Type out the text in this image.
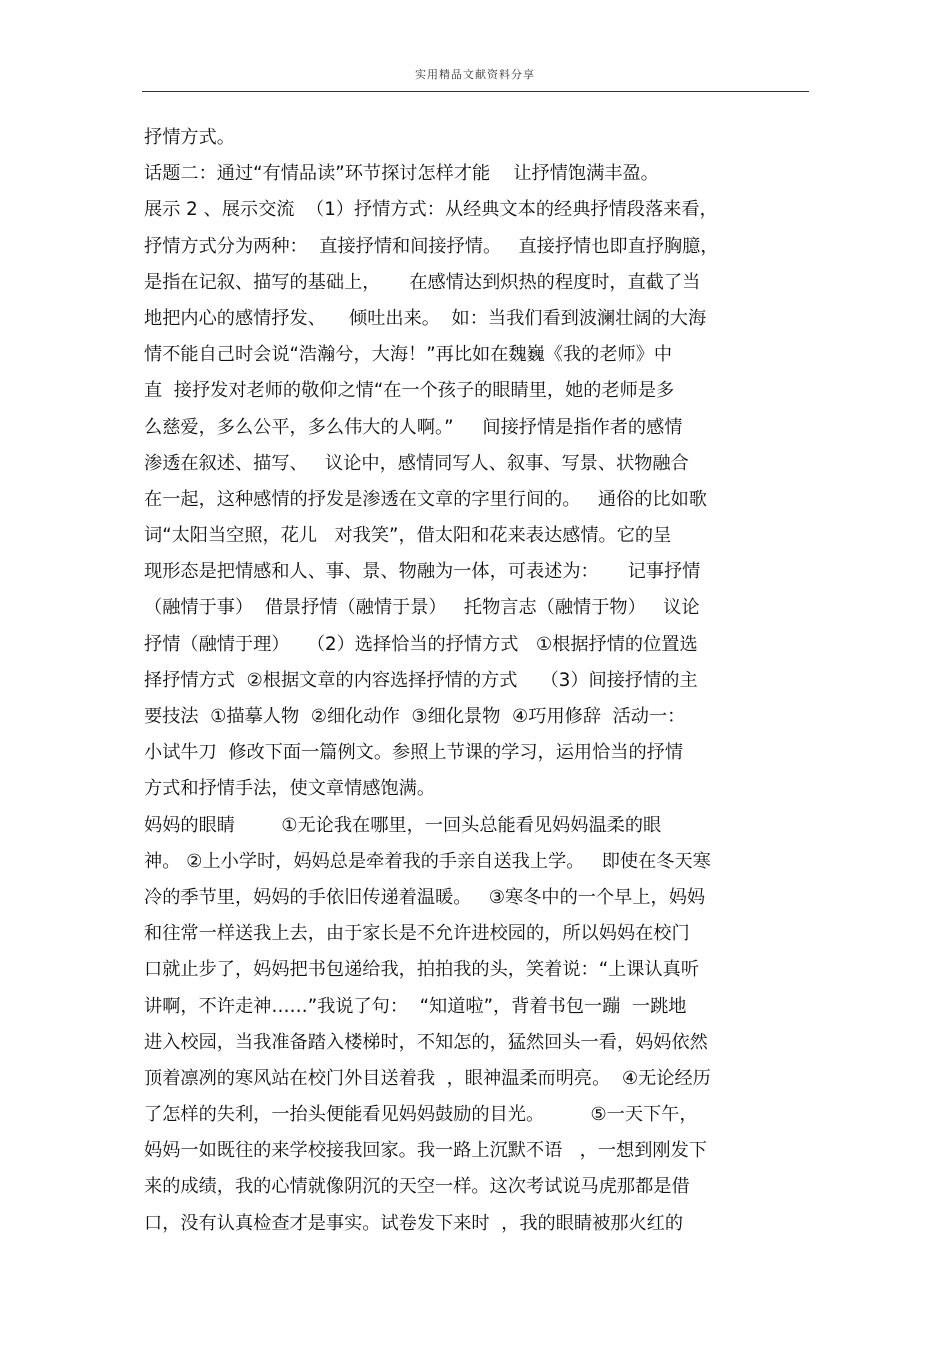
实用精品文献资料分享
抒情方式。
话题二：通过“有情品读”环节探讨怎样才能    让抒情饱满丰盈。
展示 2 、展示交流  （1）抒情方式：从经典文本的经典抒情段落来看，
抒情方式分为两种：  直接抒情和间接抒情。   直接抒情也即直抒胸臆，
是指在记叙、描写的基础上，     在感情达到炽热的程度时，直截了当
地把内心的感情抒发、    倾吐出来。  如：当我们看到波澜壮阔的大海
情不能自己时会说“浩瀚兮，大海！”再比如在魏巍《我的老师》中
直  接抒发对老师的敬仰之情“在一个孩子的眼睛里，她的老师是多
么慈爱，多么公平，多么伟大的人啊。”     间接抒情是指作者的感情
渗透在叙述、描写、   议论中，感情同写人、叙事、写景、状物融合
在一起，这种感情的抒发是渗透在文章的字里行间的。   通俗的比如歌
词“太阳当空照，花儿   对我笑”，借太阳和花来表达感情。它的呈
现形态是把情感和人、事、景、物融为一体，可表述为：     记事抒情
（融情于事）  借景抒情（融情于景）   托物言志（融情于物）   议论
抒情（融情于理）   （2）选择恰当的抒情方式   ①根据抒情的位置选
择抒情方式  ②根据文章的内容选择抒情的方式    （3）间接抒情的主
要技法  ①描摹人物  ②细化动作  ③细化景物  ④巧用修辞  活动一：
小试牛刀  修改下面一篇例文。参照上节课的学习，运用恰当的抒情
方式和抒情手法，使文章情感饱满。
妈妈的眼睛        ①无论我在哪里，一回头总能看见妈妈温柔的眼
神。 ②上小学时，妈妈总是牵着我的手亲自送我上学。   即使在冬天寒
冷的季节里，妈妈的手依旧传递着温暖。   ③寒冬中的一个早上，妈妈
和往常一样送我上去，由于家长是不允许进校园的，所以妈妈在校门
口就止步了，妈妈把书包递给我，拍拍我的头，笑着说：“上课认真听
讲啊，不许走神……”我说了句：  “知道啦”，背着书包一蹦  一跳地
进入校园，当我准备踏入楼梯时，不知怎的，猛然回头一看，妈妈依然
顶着凛冽的寒风站在校门外目送着我  ，眼神温柔而明亮。  ④无论经历
了怎样的失利，一抬头便能看见妈妈鼓励的目光。        ⑤一天下午，
妈妈一如既往的来学校接我回家。我一路上沉默不语   ，一想到刚发下
来的成绩，我的心情就像阴沉的天空一样。这次考试说马虎那都是借
口，没有认真检查才是事实。试卷发下来时  ，我的眼睛被那火红的
